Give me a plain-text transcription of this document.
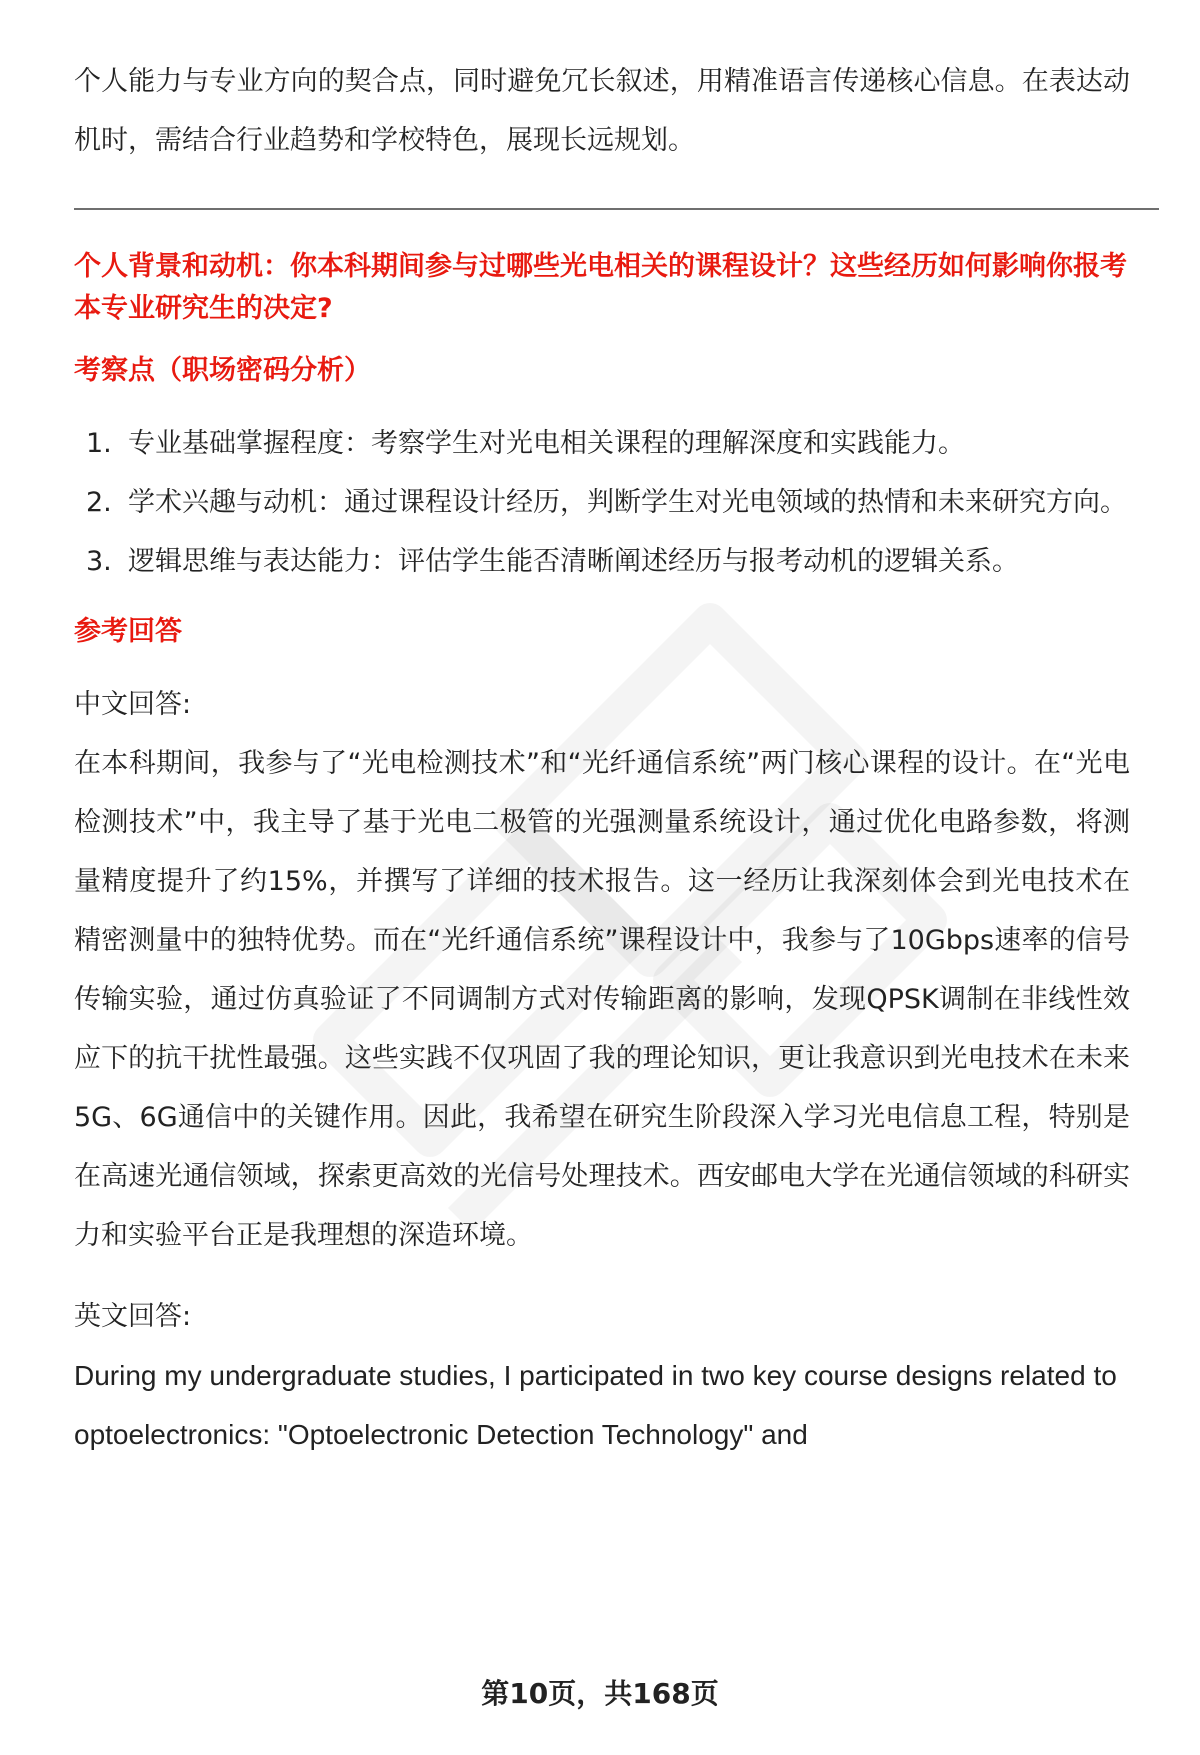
个人能力与专业方向的契合点，同时避免冗长叙述，用精准语言传递核心信息。在表达动机时，需结合行业趋势和学校特色，展现长远规划。

个人背景和动机：你本科期间参与过哪些光电相关的课程设计？这些经历如何影响你报考本专业研究生的决定?

考察点（职场密码分析）

1. 专业基础掌握程度：考察学生对光电相关课程的理解深度和实践能力。
2. 学术兴趣与动机：通过课程设计经历，判断学生对光电领域的热情和未来研究方向。
3. 逻辑思维与表达能力：评估学生能否清晰阐述经历与报考动机的逻辑关系。

参考回答

中文回答:

在本科期间，我参与了“光电检测技术”和“光纤通信系统”两门核心课程的设计。在“光电检测技术”中，我主导了基于光电二极管的光强测量系统设计，通过优化电路参数，将测量精度提升了约15%，并撰写了详细的技术报告。这一经历让我深刻体会到光电技术在精密测量中的独特优势。而在“光纤通信系统”课程设计中，我参与了10Gbps速率的信号传输实验，通过仿真验证了不同调制方式对传输距离的影响，发现QPSK调制在非线性效应下的抗干扰性最强。这些实践不仅巩固了我的理论知识，更让我意识到光电技术在未来5G、6G通信中的关键作用。因此，我希望在研究生阶段深入学习光电信息工程，特别是在高速光通信领域，探索更高效的光信号处理技术。西安邮电大学在光通信领域的科研实力和实验平台正是我理想的深造环境。

英文回答:

During my undergraduate studies, I participated in two key course designs related to optoelectronics: "Optoelectronic Detection Technology" and

第10页，共168页
